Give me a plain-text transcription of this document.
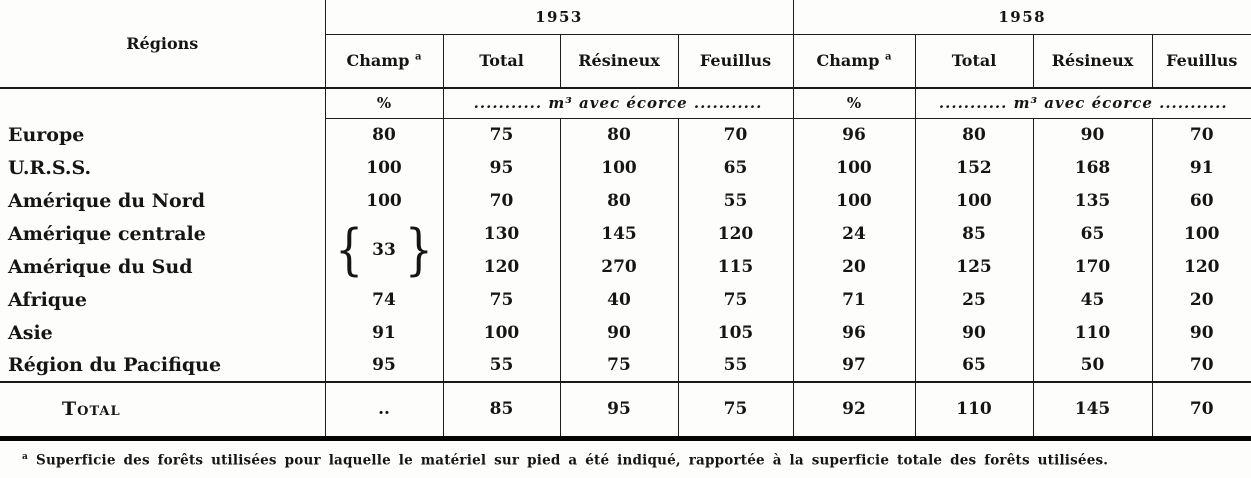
Régions	1953				1958			
	Champ $^a$	Total	Résineux	Feuillus	Champ $^a$	Total	Résineux	Feuillus
	%	........... m³ avec écorce ...........			%	........... m³ avec écorce ...........		
Europe	80	75	80	70	96	80	90	70
U.R.S.S.	100	95	100	65	100	152	168	91
Amérique du Nord	100	70	80	55	100	100	135	60
Amérique centrale	{ 33 }	130	145	120	24	85	65	100
Amérique du Sud		120	270	115	20	125	170	120
Afrique	74	75	40	75	71	25	45	20
Asie	91	100	90	105	96	90	110	90
Région du Pacifique	95	55	75	55	97	65	50	70
Total	..	85	95	75	92	110	145	70
$^a$ Superficie des forêts utilisées pour laquelle le matériel sur pied a été indiqué, rapportée à la superficie totale des forêts utilisées.
